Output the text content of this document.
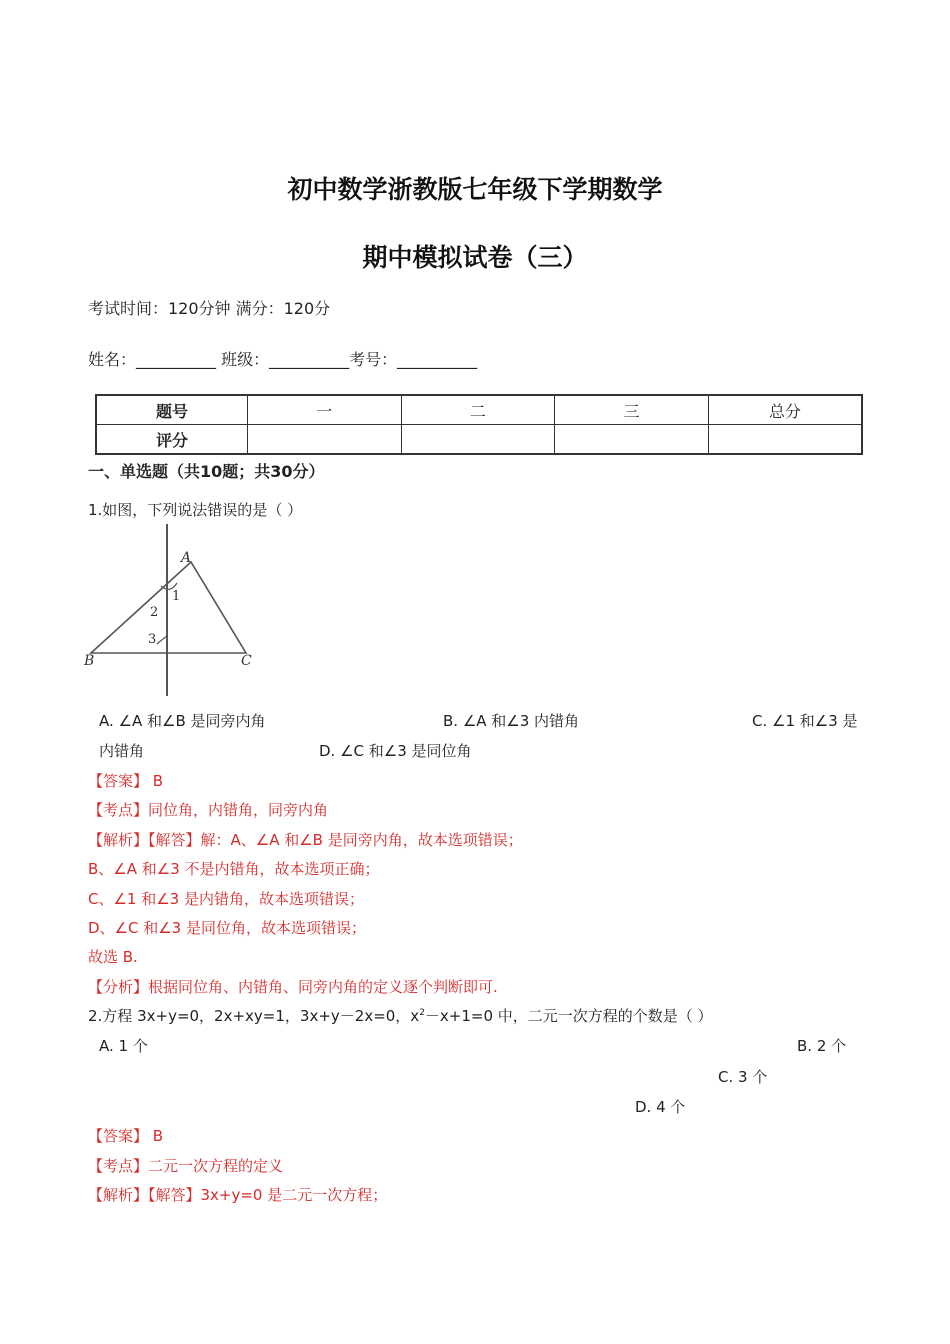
初中数学浙教版七年级下学期数学
期中模拟试卷（三）
考试时间：120分钟 满分：120分
姓名：__________ 班级：__________考号：__________
题号	一	二	三	总分
评分				
一、单选题（共10题；共30分）
1.如图，下列说法错误的是（ ）
A
B	C
1
2
3
A. ∠A 和∠B 是同旁内角	B. ∠A 和∠3 内错角	C. ∠1 和∠3 是
内错角	D. ∠C 和∠3 是同位角
【答案】 B
【考点】同位角，内错角，同旁内角
【解析】【解答】解：A、∠A 和∠B 是同旁内角，故本选项错误；
B、∠A 和∠3 不是内错角，故本选项正确；
C、∠1 和∠3 是内错角，故本选项错误；
D、∠C 和∠3 是同位角，故本选项错误；
故选 B.
【分析】根据同位角、内错角、同旁内角的定义逐个判断即可.
2.方程 3x+y=0，2x+xy=1，3x+y－2x=0，$x^2-x+1=0$ 中，二元一次方程的个数是（ ）
A. 1 个	B. 2 个
C. 3 个
D. 4 个
【答案】 B
【考点】二元一次方程的定义
【解析】【解答】3x+y=0 是二元一次方程；
